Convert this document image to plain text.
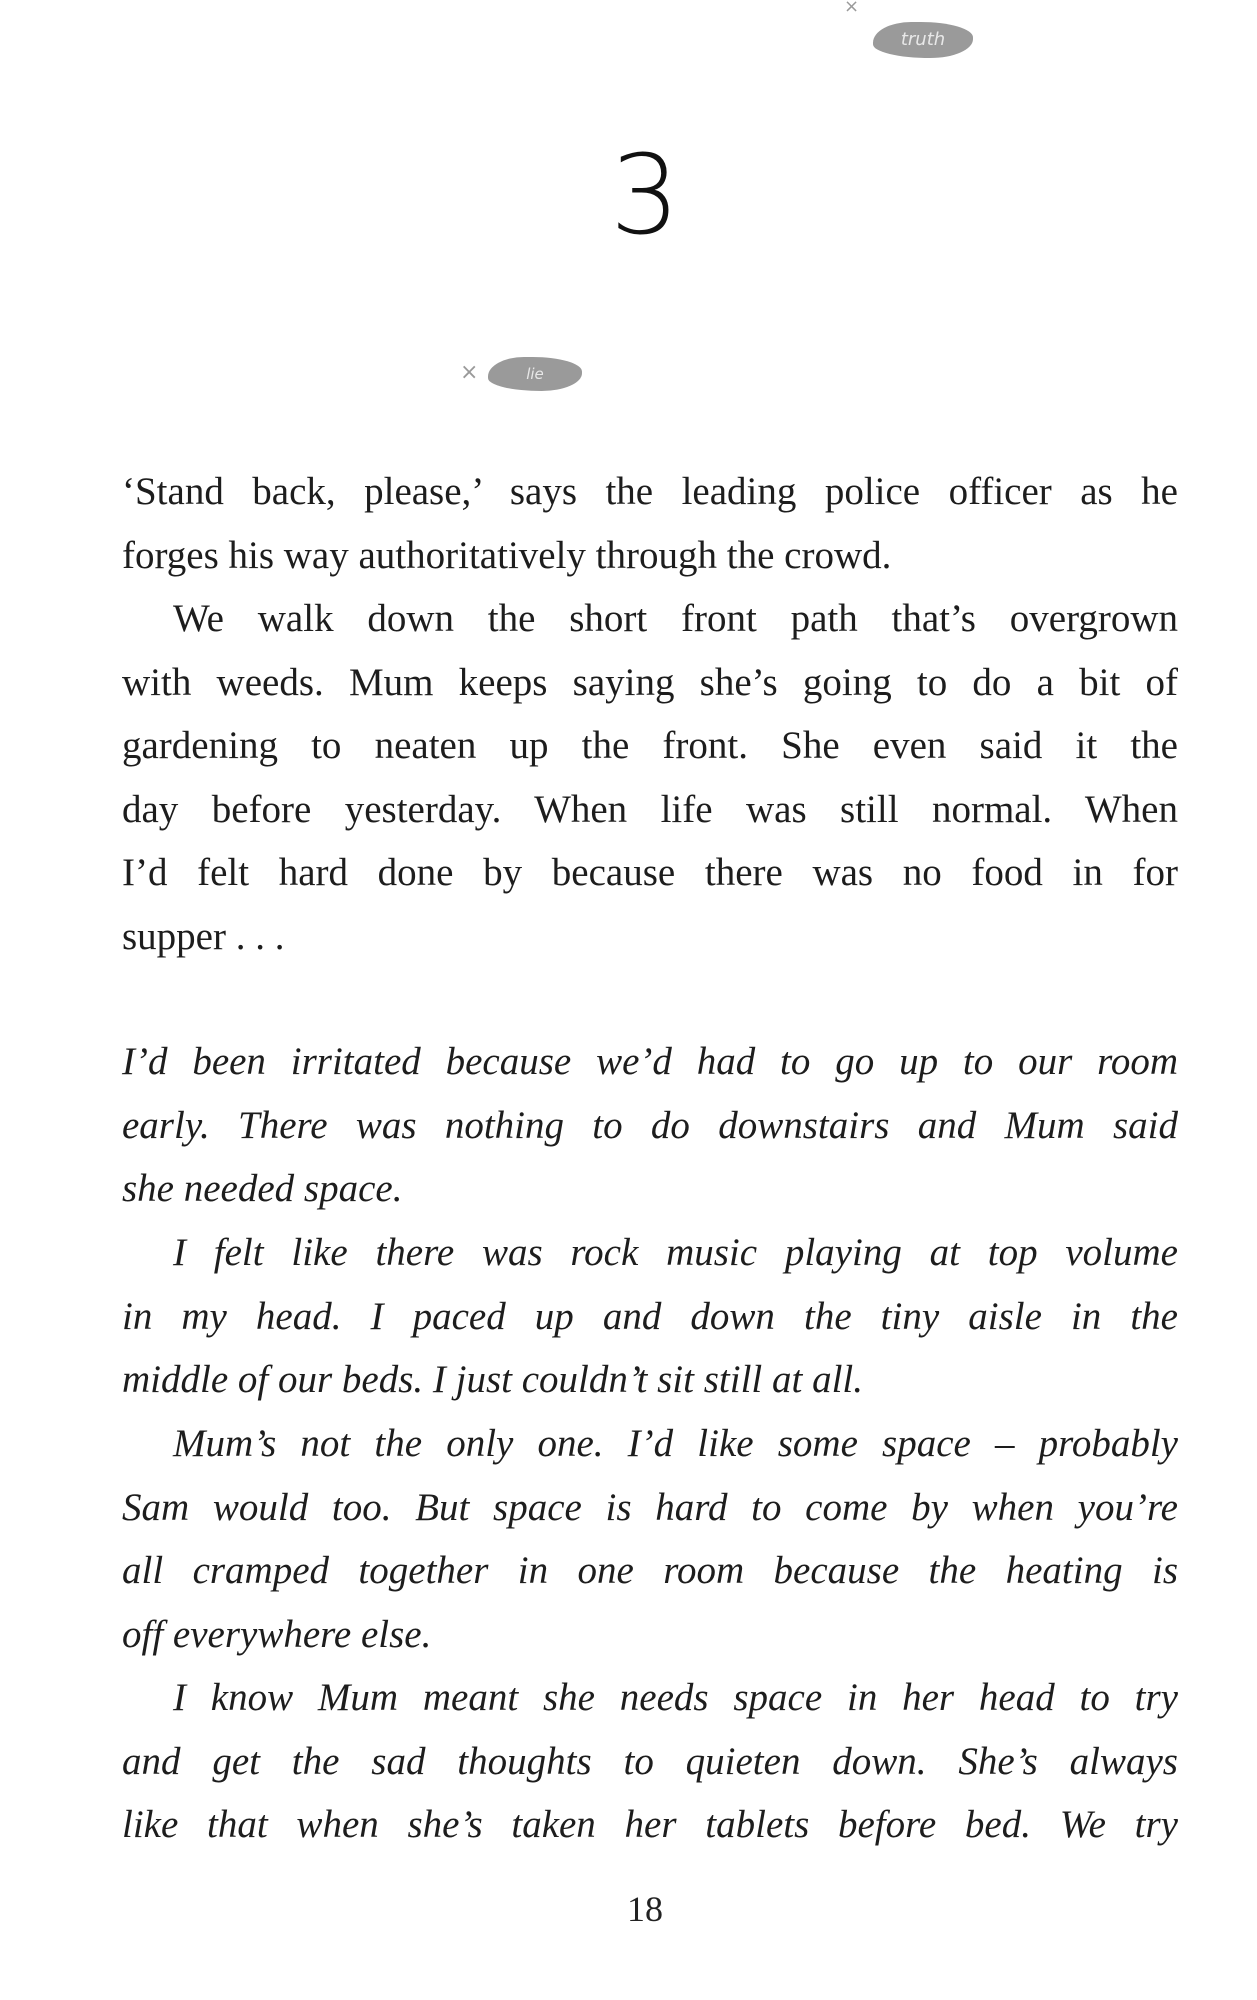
×
truth
3
×	lie

‘Stand back, please,’ says the leading police officer as he
forges his way authoritatively through the crowd.

We walk down the short front path that’s overgrown
with weeds. Mum keeps saying she’s going to do a bit of
gardening to neaten up the front. She even said it the
day before yesterday. When life was still normal. When
I’d felt hard done by because there was no food in for
supper . . .

I’d been irritated because we’d had to go up to our room
early. There was nothing to do downstairs and Mum said
she needed space.

I felt like there was rock music playing at top volume
in my head. I paced up and down the tiny aisle in the
middle of our beds. I just couldn’t sit still at all.

Mum’s not the only one. I’d like some space – probably
Sam would too. But space is hard to come by when you’re
all cramped together in one room because the heating is
off everywhere else.

I know Mum meant she needs space in her head to try
and get the sad thoughts to quieten down. She’s always
like that when she’s taken her tablets before bed. We try

18
